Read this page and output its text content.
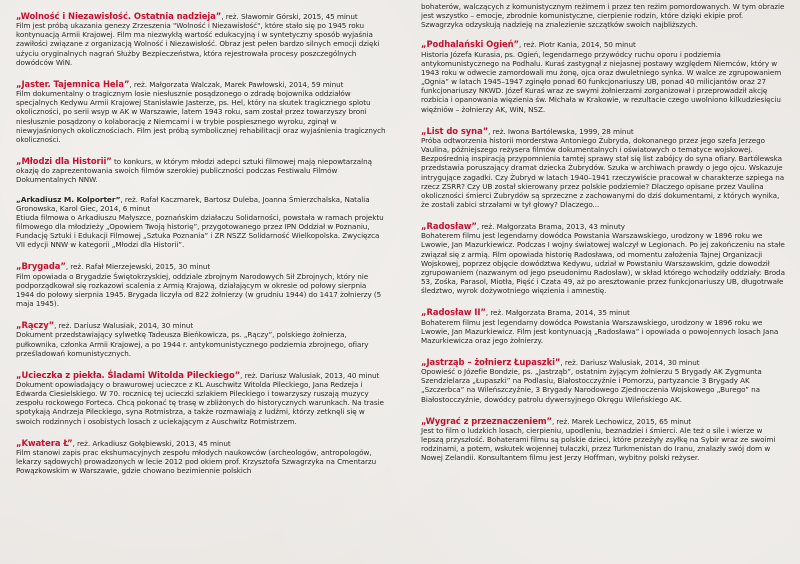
„Wolność i Niezawisłość. Ostatnia nadzieja”, reż. Sławomir Górski, 2015, 45 minut

Film jest próbą ukazania genezy Zrzeszenia "Wolność i Niezawisłość", które stało się po 1945 roku kontynuacją Armii Krajowej. Film ma niezwykłą wartość edukacyjną i w syntetyczny sposób wyjaśnia zawiłości związane z organizacją Wolność i Niezawisłość. Obraz jest pełen bardzo silnych emocji dzięki użyciu oryginalnych nagrań Służby Bezpieczeństwa, która rejestrowała procesy poszczególnych dowódców WiN.

„Jaster. Tajemnica Hela”, reż. Małgorzata Walczak, Marek Pawłowski, 2014, 59 minut

Film dokumentalny o tragicznym losie niesłusznie posądzonego o zdradę bojownika oddziałów specjalnych Kedywu Armii Krajowej Stanisławie Jasterze, ps. Hel, który na skutek tragicznego splotu okoliczności, po serii wsyp w AK w Warszawie, latem 1943 roku, sam został przez towarzyszy broni niesłusznie posądzony o kolaborację z Niemcami i w trybie pospiesznego wyroku, zginął w niewyjaśnionych okolicznościach. Film jest próbą symbolicznej rehabilitacji oraz wyjaśnienia tragicznych okoliczności.

„Młodzi dla Historii” to konkurs, w którym młodzi adepci sztuki filmowej mają niepowtarzalną okazję do zaprezentowania swoich filmów szerokiej publiczności podczas Festiwalu Filmów Dokumentalnych NNW.

„Arkadiusz M. Kolporter”, reż. Rafał Kaczmarek, Bartosz Duleba, Joanna Śmierzchalska, Natalia Gronowska, Karol Giec, 2014, 6 minut

Etiuda filmowa o Arkadiuszu Małyszce, poznańskim działaczu Solidarności, powstała w ramach projektu filmowego dla młodzieży „Opowiem Twoją historię”, przygotowanego przez IPN Oddział w Poznaniu, Fundację Sztuki i Edukacji Filmowej „Sztuka Poznania” i ZR NSZZ Solidarność Wielkopolska. Zwycięzca VII edycji NNW w kategorii „Młodzi dla Historii”.

„Brygada”, reż. Rafał Mierzejewski, 2015, 30 minut

Film opowiada o Brygadzie Świętokrzyskiej, oddziale zbrojnym Narodowych Sił Zbrojnych, który nie podporządkował się rozkazowi scalenia z Armią Krajową, działającym w okresie od połowy sierpnia 1944 do połowy sierpnia 1945. Brygada liczyła od 822 żołnierzy (w grudniu 1944) do 1417 żołnierzy (5 maja 1945).

„Rączy”, reż. Dariusz Walusiak, 2014, 30 minut

Dokument przedstawiający sylwetkę Tadeusza Bieńkowicza, ps. „Rączy”, polskiego żołnierza, pułkownika, członka Armii Krajowej, a po 1944 r. antykomunistycznego podziemia zbrojnego, ofiary prześladowań komunistycznych.

„Ucieczka z piekła. Śladami Witolda Pileckiego”, reż. Dariusz Walusiak, 2013, 40 minut

Dokument opowiadający o brawurowej ucieczce z KL Auschwitz Witolda Pileckiego, Jana Redzeja i Edwarda Ciesielskiego. W 70. rocznicę tej ucieczki szlakiem Pileckiego i towarzyszy ruszają muzycy zespołu rockowego Forteca. Chcą pokonać tę trasę w zbliżonych do historycznych warunkach. Na trasie spotykają Andrzeja Pileckiego, syna Rotmistrza, a także rozmawiają z ludźmi, którzy zetknęli się w swoich rodzinnych i osobistych losach z uciekającym z Auschwitz Rotmistrzem.

„Kwatera Ł”, reż. Arkadiusz Gołębiewski, 2013, 45 minut

Film stanowi zapis prac ekshumacyjnych zespołu młodych naukowców (archeologów, antropologów, lekarzy sądowych) prowadzonych w lecie 2012 pod okiem prof. Krzysztofa Szwagrzyka na Cmentarzu Powązkowskim w Warszawie, gdzie chowano bezimiennie polskich

bohaterów, walczących z komunistycznym reżimem i przez ten reżim pomordowanych. W tym obrazie jest wszystko – emocje, zbrodnie komunistyczne, cierpienie rodzin, które dzięki ekipie prof. Szwagrzyka odzyskują nadzieję na znalezienie szczątków swoich najbliższych.

„Podhalański Ogień”, reż. Piotr Kania, 2014, 50 minut

Historia Józefa Kurasia, ps. Ogień, legendarnego przywódcy ruchu oporu i podziemia antykomunistycznego na Podhalu. Kuraś zastygnął z niejasnej postawy względem Niemców, który w 1943 roku w odwecie zamordowali mu żonę, ojca oraz dwuletniego synka. W walce ze zgrupowaniem „Ognia” w latach 1945–1947 zginęło ponad 60 funkcjonariuszy UB, ponad 40 milicjantów oraz 27 funkcjonariuszy NKWD. Józef Kuraś wraz ze swymi żołnierzami zorganizował i przeprowadził akcję rozbicia i opanowania więzienia św. Michała w Krakowie, w rezultacie czego uwolniono kilkudziesięciu więźniów – żołnierzy AK, WiN, NSZ.

„List do syna”, reż. Iwona Bartólewska, 1999, 28 minut

Próba odtworzenia historii morderstwa Antoniego Żubryda, dokonanego przez jego szefa Jerzego Vaulina, późniejszego reżysera filmów dokumentalnych i oświatowych o tematyce wojskowej. Bezpośrednią inspiracją przypomnienia tamtej sprawy stał się list zabójcy do syna ofiary. Bartólewska przedstawia poruszający dramat dziecka Żubrydów. Szuka w archiwach prawdy o jego ojcu. Wskazuje intrygujące zagadki. Czy Żubryd w latach 1940–1941 rzeczywiście pracował w charakterze szpiega na rzecz ZSRR? Czy UB został skierowany przez polskie podziemie? Dlaczego opisane przez Vaulina okoliczności śmierci Żubrydów są sprzeczne z zachowanymi do dziś dokumentami, z których wynika, że zostali zabici strzałami w tył głowy? Dlaczego...

„Radosław”, reż. Małgorzata Brama, 2013, 43 minuty

Bohaterem filmu jest legendarny dowódca Powstania Warszawskiego, urodzony w 1896 roku we Lwowie, Jan Mazurkiewicz. Podczas I wojny światowej walczył w Legionach. Po jej zakończeniu na stałe związał się z armią. Film opowiada historię Radosława, od momentu założenia Tajnej Organizacji Wojskowej, poprzez objęcie dowództwa Kedywu, udział w Powstaniu Warszawskim, gdzie dowodził zgrupowaniem (nazwanym od jego pseudonimu Radosław), w skład którego wchodziły oddziały: Broda 53, Zośka, Parasol, Miotła, Pięść i Czata 49, aż po aresztowanie przez funkcjonariuszy UB, długotrwałe śledztwo, wyrok dożywotniego więzienia i amnestię.

„Radosław II”, reż. Małgorzata Brama, 2014, 35 minut

Bohaterem filmu jest legendarny dowódca Powstania Warszawskiego, urodzony w 1896 roku we Lwowie, Jan Mazurkiewicz. Film jest kontynuacją „Radosława” i opowiada o powojennych losach Jana Mazurkiewicza oraz jego żołnierzy.

„Jastrząb – żołnierz Łupaszki”, reż. Dariusz Walusiak, 2014, 30 minut

Opowieść o Józefie Bondzie, ps. „Jastrząb”, ostatnim żyjącym żołnierzu 5 Brygady AK Zygmunta Szendzielarza „Łupaszki” na Podlasiu, Białostocczyźnie i Pomorzu, partyzancie 3 Brygady AK „Szczerbca” na Wileńszczyźnie, 3 Brygady Narodowego Zjednoczenia Wojskowego „Burego” na Białostocczyźnie, dowódcy patrolu dywersyjnego Okręgu Wileńskiego AK.

„Wygrać z przeznaczeniem”, reż. Marek Lechowicz, 2015, 65 minut

Jest to film o ludzkich losach, cierpieniu, upodleniu, beznadziei i śmierci. Ale też o sile i wierze w lepszą przyszłość. Bohaterami filmu są polskie dzieci, które przeżyły zsyłkę na Sybir wraz ze swoimi rodzinami, a potem, wskutek wojennej tułaczki, przez Turkmenistan do Iranu, znalazły swój dom w Nowej Zelandii. Konsultantem filmu jest Jerzy Hoffman, wybitny polski reżyser.
